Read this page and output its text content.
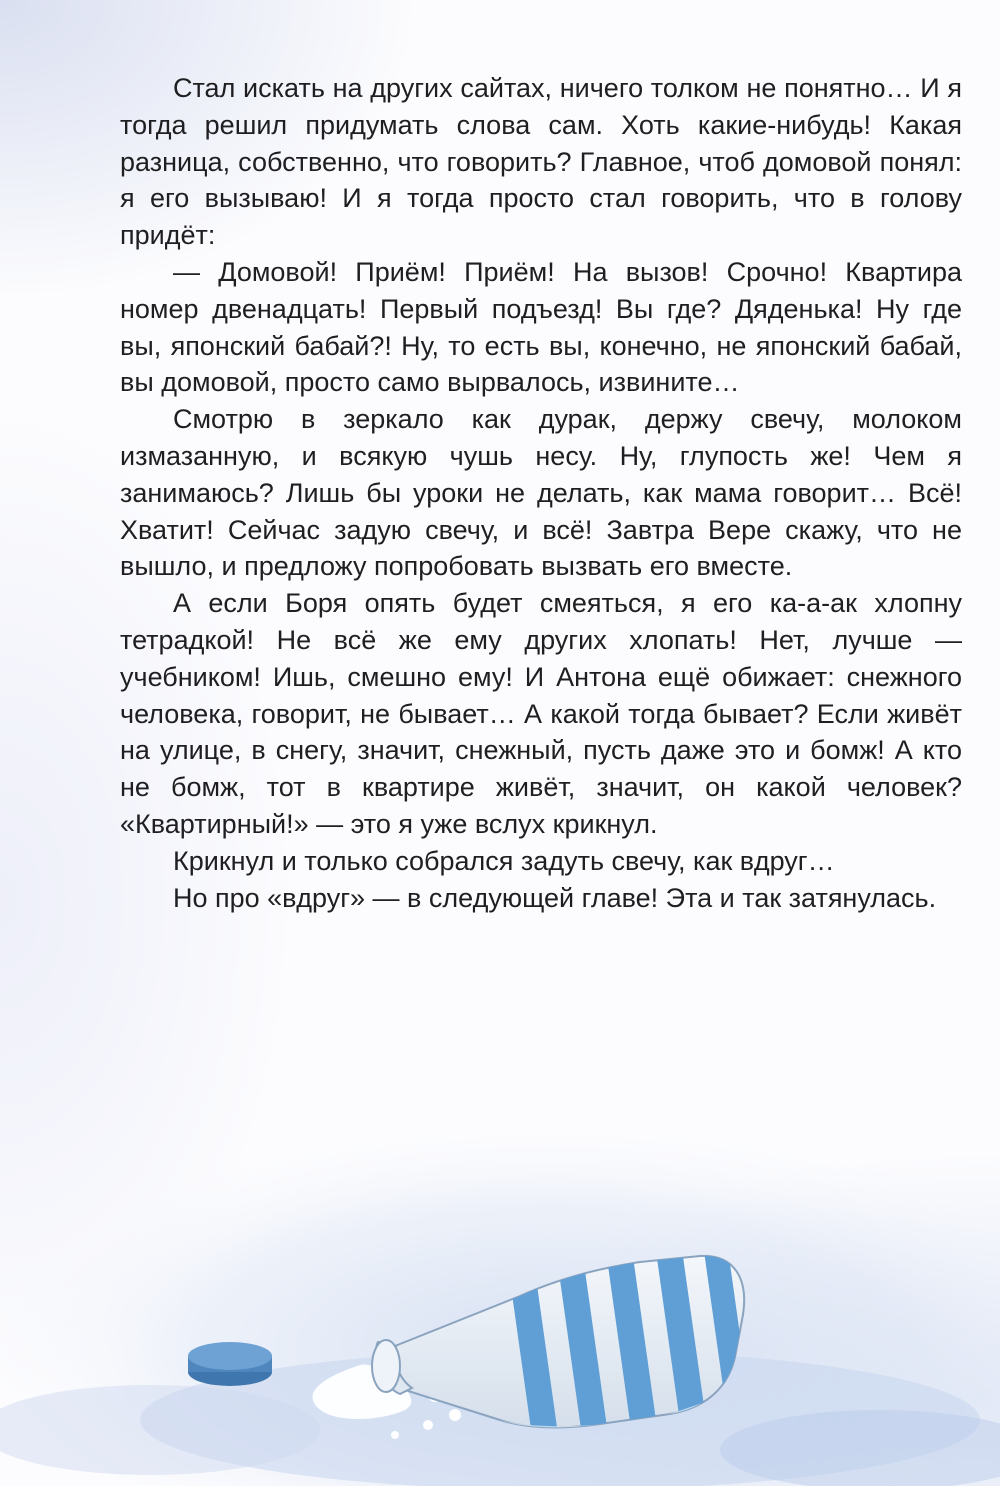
Стал искать на других сайтах, ничего толком не понятно… И я тогда решил придумать слова сам. Хоть какие-нибудь! Какая разница, собственно, что говорить? Главное, чтоб домовой понял: я его вызываю! И я тогда просто стал говорить, что в голову придёт:

— Домовой! Приём! Приём! На вызов! Срочно! Квартира номер двенадцать! Первый подъезд! Вы где? Дяденька! Ну где вы, японский бабай?! Ну, то есть вы, конечно, не японский бабай, вы домовой, просто само вырвалось, извините…

Смотрю в зеркало как дурак, держу свечу, молоком измазанную, и всякую чушь несу. Ну, глупость же! Чем я занимаюсь? Лишь бы уроки не делать, как мама говорит… Всё! Хватит! Сейчас задую свечу, и всё! Завтра Вере скажу, что не вышло, и предложу попробовать вызвать его вместе.

А если Боря опять будет смеяться, я его ка-а-ак хлопну тетрадкой! Не всё же ему других хлопать! Нет, лучше — учебником! Ишь, смешно ему! И Антона ещё обижает: снежного человека, говорит, не бывает… А какой тогда бывает? Если живёт на улице, в снегу, значит, снежный, пусть даже это и бомж! А кто не бомж, тот в квартире живёт, значит, он какой человек? «Квартирный!» — это я уже вслух крикнул.

Крикнул и только собрался задуть свечу, как вдруг…

Но про «вдруг» — в следующей главе! Эта и так затянулась.
